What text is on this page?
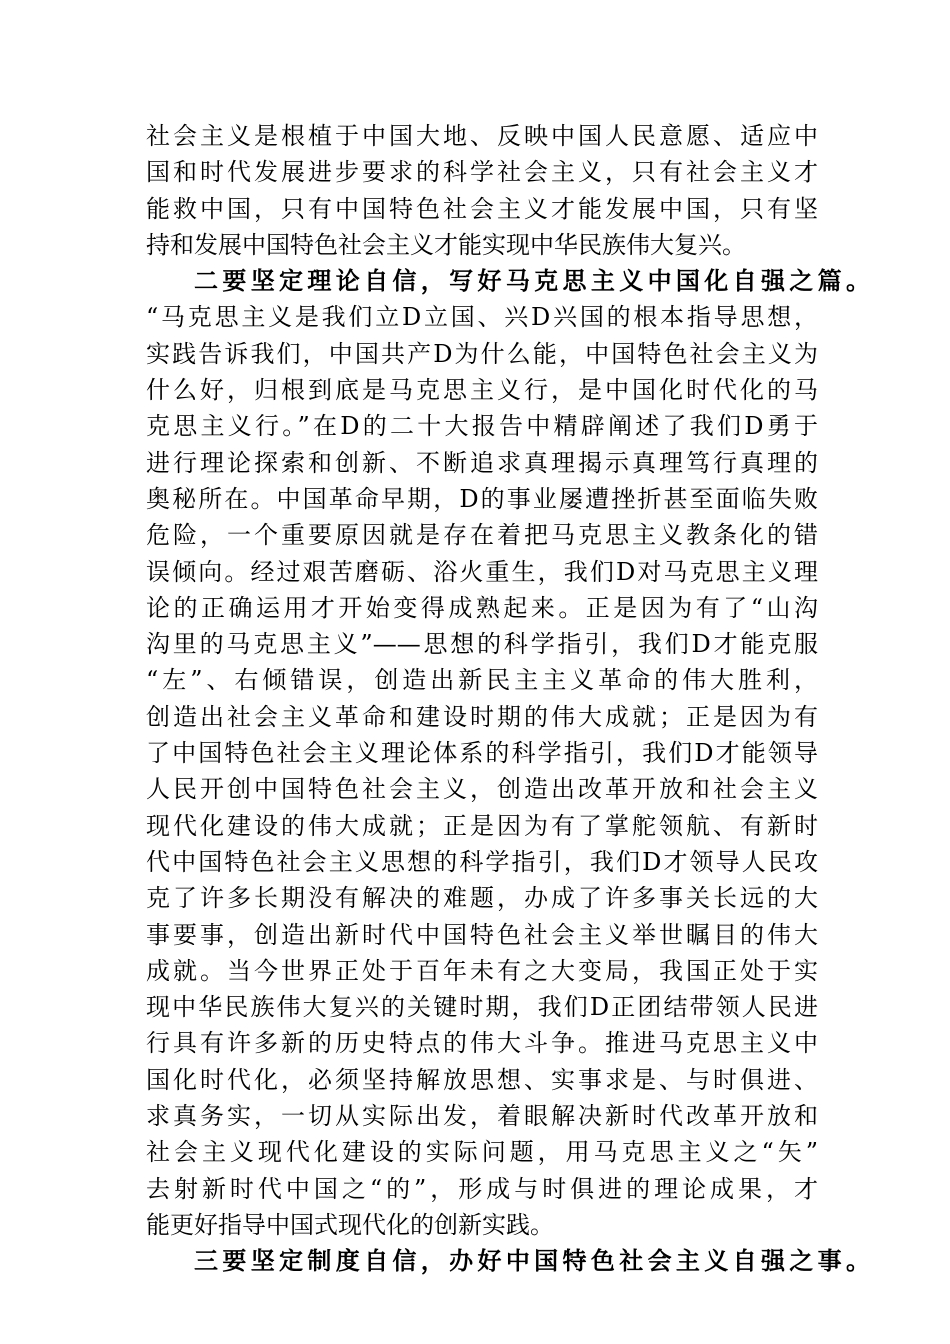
社会主义是根植于中国大地、反映中国人民意愿、适应中
国和时代发展进步要求的科学社会主义，只有社会主义才
能救中国，只有中国特色社会主义才能发展中国，只有坚
持和发展中国特色社会主义才能实现中华民族伟大复兴。
二要坚定理论自信，写好马克思主义中国化自强之篇。
“马克思主义是我们立D立国、兴D兴国的根本指导思想，
实践告诉我们，中国共产D为什么能，中国特色社会主义为
什么好，归根到底是马克思主义行，是中国化时代化的马
克思主义行。”在D的二十大报告中精辟阐述了我们D勇于
进行理论探索和创新、不断追求真理揭示真理笃行真理的
奥秘所在。中国革命早期，D的事业屡遭挫折甚至面临失败
危险，一个重要原因就是存在着把马克思主义教条化的错
误倾向。经过艰苦磨砺、浴火重生，我们D对马克思主义理
论的正确运用才开始变得成熟起来。正是因为有了“山沟
沟里的马克思主义”——思想的科学指引，我们D才能克服
“左”、右倾错误，创造出新民主主义革命的伟大胜利，
创造出社会主义革命和建设时期的伟大成就；正是因为有
了中国特色社会主义理论体系的科学指引，我们D才能领导
人民开创中国特色社会主义，创造出改革开放和社会主义
现代化建设的伟大成就；正是因为有了掌舵领航、有新时
代中国特色社会主义思想的科学指引，我们D才领导人民攻
克了许多长期没有解决的难题，办成了许多事关长远的大
事要事，创造出新时代中国特色社会主义举世瞩目的伟大
成就。当今世界正处于百年未有之大变局，我国正处于实
现中华民族伟大复兴的关键时期，我们D正团结带领人民进
行具有许多新的历史特点的伟大斗争。推进马克思主义中
国化时代化，必须坚持解放思想、实事求是、与时俱进、
求真务实，一切从实际出发，着眼解决新时代改革开放和
社会主义现代化建设的实际问题，用马克思主义之“矢”
去射新时代中国之“的”，形成与时俱进的理论成果，才
能更好指导中国式现代化的创新实践。
三要坚定制度自信，办好中国特色社会主义自强之事。
